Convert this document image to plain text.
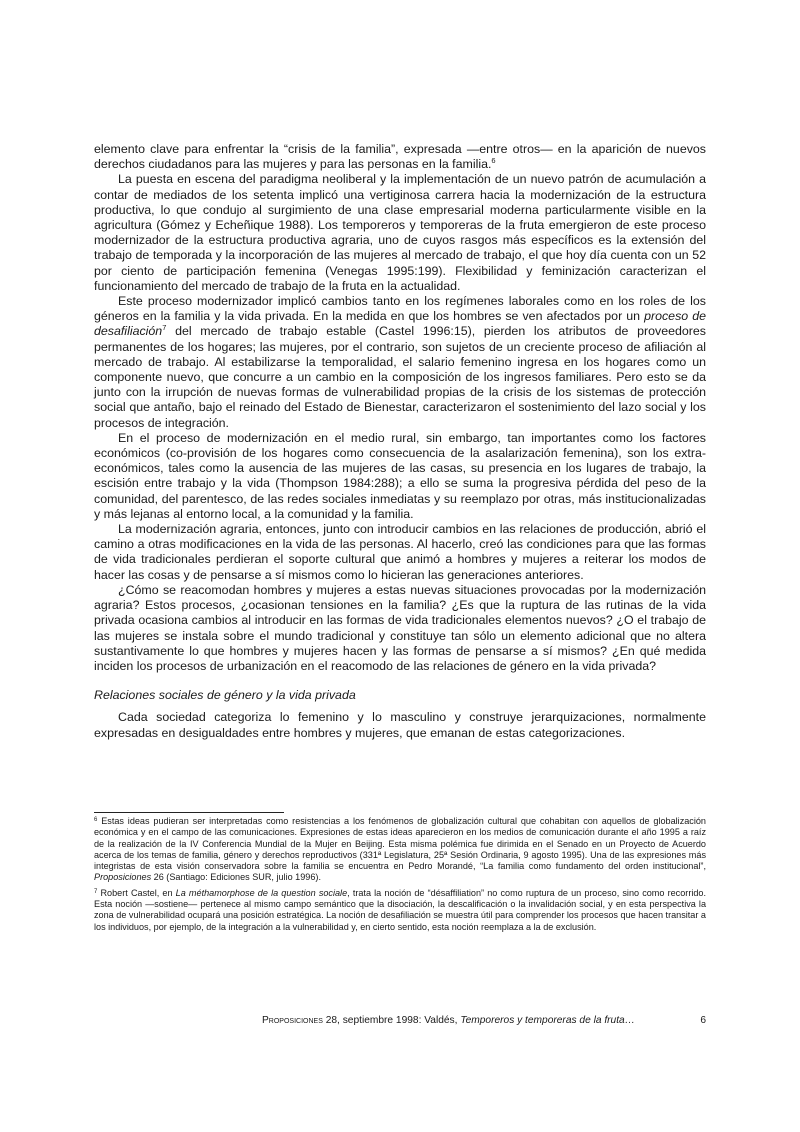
elemento clave para enfrentar la “crisis de la familia”, expresada —entre otros— en la aparición de nuevos derechos ciudadanos para las mujeres y para las personas en la familia.$^6$

La puesta en escena del paradigma neoliberal y la implementación de un nuevo patrón de acumulación a contar de mediados de los setenta implicó una vertiginosa carrera hacia la modernización de la estructura productiva, lo que condujo al surgimiento de una clase empresarial moderna particularmente visible en la agricultura (Gómez y Echeñique 1988). Los temporeros y temporeras de la fruta emergieron de este proceso modernizador de la estructura productiva agraria, uno de cuyos rasgos más específicos es la extensión del trabajo de temporada y la incorporación de las mujeres al mercado de trabajo, el que hoy día cuenta con un 52 por ciento de participación femenina (Venegas 1995:199). Flexibilidad y feminización caracterizan el funcionamiento del mercado de trabajo de la fruta en la actualidad.

Este proceso modernizador implicó cambios tanto en los regímenes laborales como en los roles de los géneros en la familia y la vida privada. En la medida en que los hombres se ven afectados por un proceso de desafiliación$^7$ del mercado de trabajo estable (Castel 1996:15), pierden los atributos de proveedores permanentes de los hogares; las mujeres, por el contrario, son sujetos de un creciente proceso de afiliación al mercado de trabajo. Al estabilizarse la temporalidad, el salario femenino ingresa en los hogares como un componente nuevo, que concurre a un cambio en la composición de los ingresos familiares. Pero esto se da junto con la irrupción de nuevas formas de vulnerabilidad propias de la crisis de los sistemas de protección social que antaño, bajo el reinado del Estado de Bienestar, caracterizaron el sostenimiento del lazo social y los procesos de integración.

En el proceso de modernización en el medio rural, sin embargo, tan importantes como los factores económicos (co-provisión de los hogares como consecuencia de la asalarización femenina), son los extra-económicos, tales como la ausencia de las mujeres de las casas, su presencia en los lugares de trabajo, la escisión entre trabajo y la vida (Thompson 1984:288); a ello se suma la progresiva pérdida del peso de la comunidad, del parentesco, de las redes sociales inmediatas y su reemplazo por otras, más institucionalizadas y más lejanas al entorno local, a la comunidad y la familia.

La modernización agraria, entonces, junto con introducir cambios en las relaciones de producción, abrió el camino a otras modificaciones en la vida de las personas. Al hacerlo, creó las condiciones para que las formas de vida tradicionales perdieran el soporte cultural que animó a hombres y mujeres a reiterar los modos de hacer las cosas y de pensarse a sí mismos como lo hicieran las generaciones anteriores.

¿Cómo se reacomodan hombres y mujeres a estas nuevas situaciones provocadas por la modernización agraria? Estos procesos, ¿ocasionan tensiones en la familia? ¿Es que la ruptura de las rutinas de la vida privada ocasiona cambios al introducir en las formas de vida tradicionales elementos nuevos? ¿O el trabajo de las mujeres se instala sobre el mundo tradicional y constituye tan sólo un elemento adicional que no altera sustantivamente lo que hombres y mujeres hacen y las formas de pensarse a sí mismos? ¿En qué medida inciden los procesos de urbanización en el reacomodo de las relaciones de género en la vida privada?

Relaciones sociales de género y la vida privada

Cada sociedad categoriza lo femenino y lo masculino y construye jerarquizaciones, normalmente expresadas en desigualdades entre hombres y mujeres, que emanan de estas categorizaciones.

$^6$ Estas ideas pudieran ser interpretadas como resistencias a los fenómenos de globalización cultural que cohabitan con aquellos de globalización económica y en el campo de las comunicaciones. Expresiones de estas ideas aparecieron en los medios de comunicación durante el año 1995 a raíz de la realización de la IV Conferencia Mundial de la Mujer en Beijing. Esta misma polémica fue dirimida en el Senado en un Proyecto de Acuerdo acerca de los temas de familia, género y derechos reproductivos (331ª Legislatura, 25ª Sesión Ordinaria, 9 agosto 1995). Una de las expresiones más integristas de esta visión conservadora sobre la familia se encuentra en Pedro Morandé, “La familia como fundamento del orden institucional”, Proposiciones 26 (Santiago: Ediciones SUR, julio 1996).

$^7$ Robert Castel, en La méthamorphose de la question sociale, trata la noción de “désaffiliation” no como ruptura de un proceso, sino como recorrido. Esta noción —sostiene— pertenece al mismo campo semántico que la disociación, la descalificación o la invalidación social, y en esta perspectiva la zona de vulnerabilidad ocupará una posición estratégica. La noción de desafiliación se muestra útil para comprender los procesos que hacen transitar a los individuos, por ejemplo, de la integración a la vulnerabilidad y, en cierto sentido, esta noción reemplaza a la de exclusión.

Proposiciones 28, septiembre 1998: Valdés, Temporeros y temporeras de la fruta…	6
